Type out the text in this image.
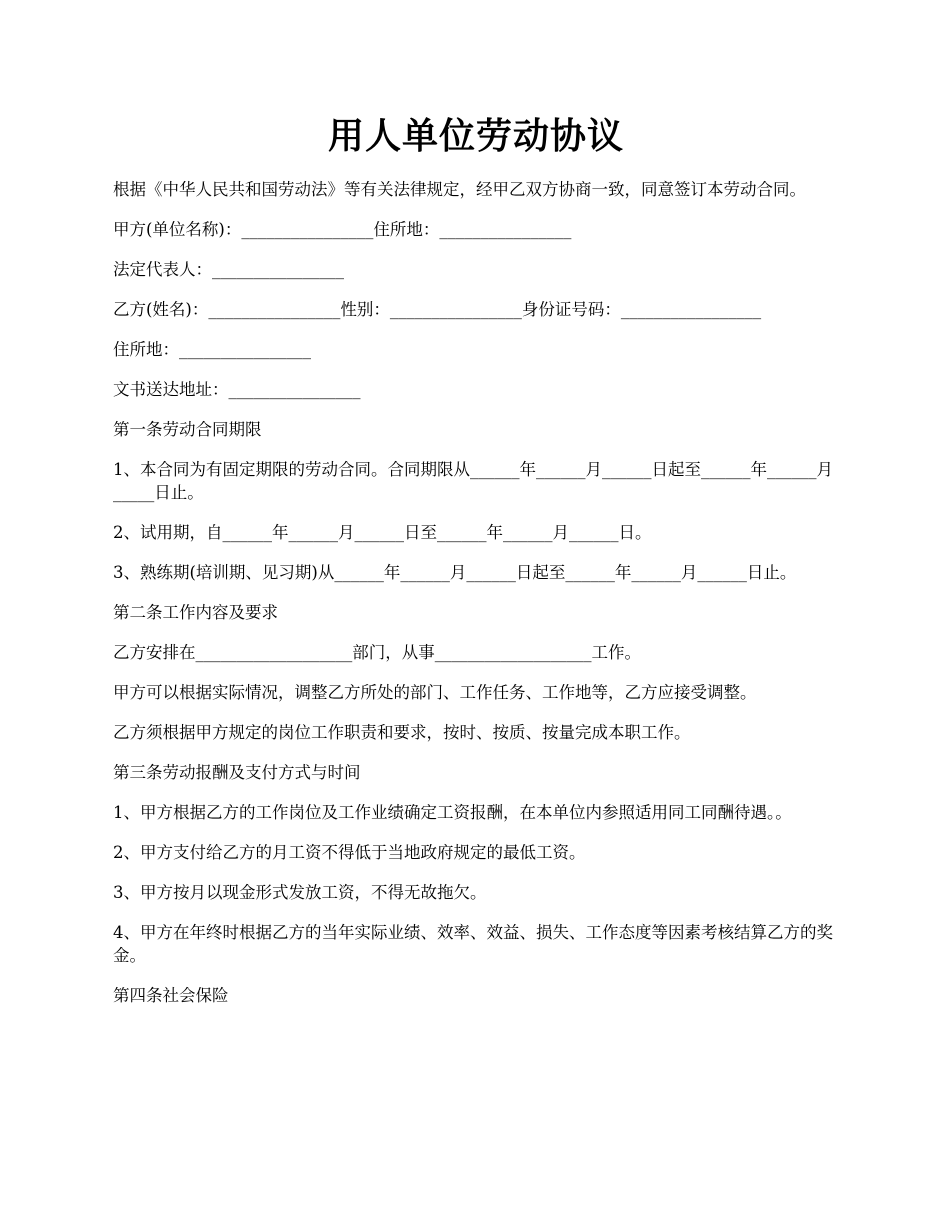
用人单位劳动协议

根据《中华人民共和国劳动法》等有关法律规定，经甲乙双方协商一致，同意签订本劳动合同。

甲方(单位名称)：________________住所地：________________

法定代表人：________________

乙方(姓名)：________________性别：________________身份证号码：_________________

住所地：________________

文书送达地址：________________

第一条劳动合同期限

1、本合同为有固定期限的劳动合同。合同期限从______年______月______日起至______年______月_____日止。

2、试用期，自______年______月______日至______年______月______日。

3、熟练期(培训期、见习期)从______年______月______日起至______年______月______日止。

第二条工作内容及要求

乙方安排在___________________部门，从事___________________工作。

甲方可以根据实际情况，调整乙方所处的部门、工作任务、工作地等，乙方应接受调整。

乙方须根据甲方规定的岗位工作职责和要求，按时、按质、按量完成本职工作。

第三条劳动报酬及支付方式与时间

1、甲方根据乙方的工作岗位及工作业绩确定工资报酬，在本单位内参照适用同工同酬待遇。。

2、甲方支付给乙方的月工资不得低于当地政府规定的最低工资。

3、甲方按月以现金形式发放工资，不得无故拖欠。

4、甲方在年终时根据乙方的当年实际业绩、效率、效益、损失、工作态度等因素考核结算乙方的奖金。

第四条社会保险
